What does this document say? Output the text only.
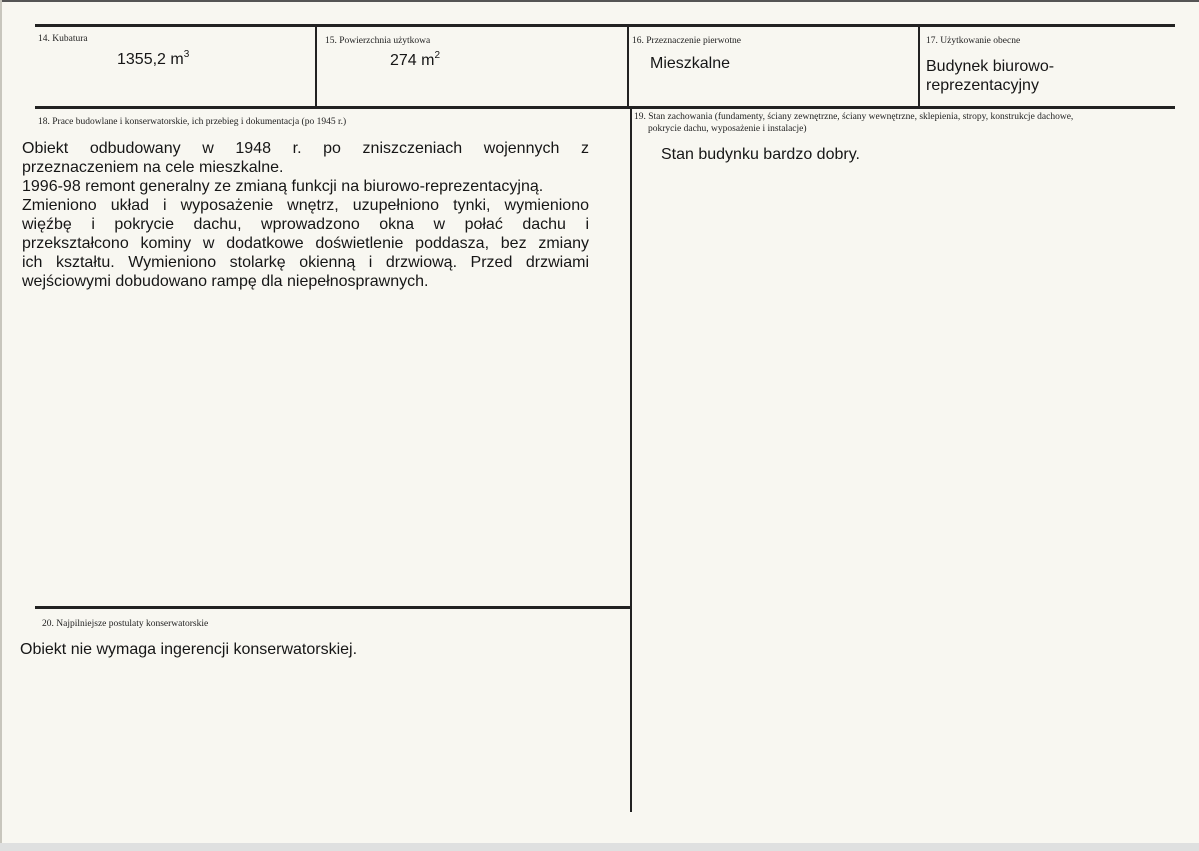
14. Kubatura
1355,2 $m^3$
15. Powierzchnia użytkowa
274 $m^2$
16. Przeznaczenie pierwotne
Mieszkalne
17. Użytkowanie obecne
Budynek biurowo-
reprezentacyjny
18. Prace budowlane i konserwatorskie, ich przebieg i dokumentacja (po 1945 r.)
Obiekt odbudowany w 1948 r. po zniszczeniach wojennych z
przeznaczeniem na cele mieszkalne.
1996-98 remont generalny ze zmianą funkcji na biurowo-reprezentacyjną.
Zmieniono układ i wyposażenie wnętrz, uzupełniono tynki, wymieniono
więźbę i pokrycie dachu, wprowadzono okna w połać dachu i
przekształcono kominy w dodatkowe doświetlenie poddasza, bez zmiany
ich kształtu. Wymieniono stolarkę okienną i drzwiową. Przed drzwiami
wejściowymi dobudowano rampę dla niepełnosprawnych.
19. Stan zachowania (fundamenty, ściany zewnętrzne, ściany wewnętrzne, sklepienia, stropy, konstrukcje dachowe,
pokrycie dachu, wyposażenie i instalacje)
Stan budynku bardzo dobry.
20. Najpilniejsze postulaty konserwatorskie
Obiekt nie wymaga ingerencji konserwatorskiej.
